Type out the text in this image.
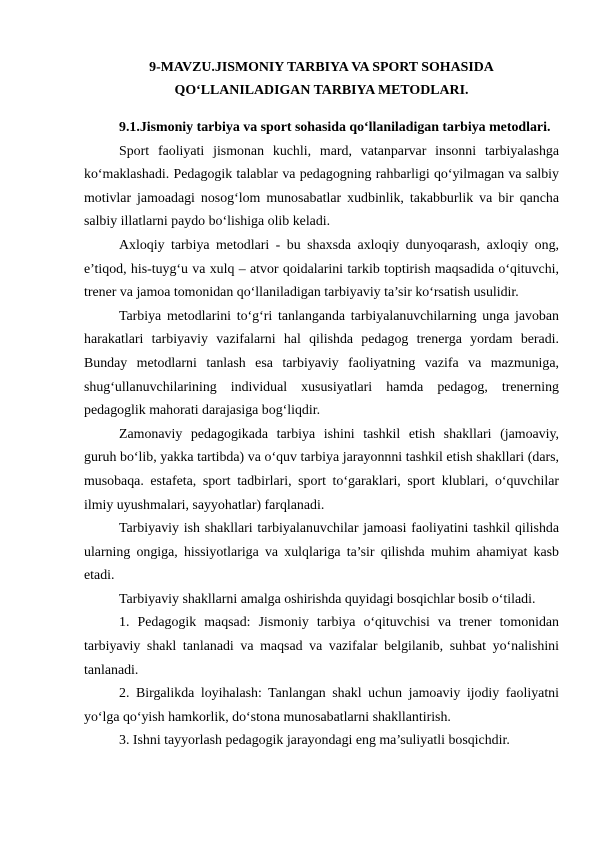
9-MAVZU.JISMONIY TARBIYA VA SPORT SOHASIDA
QO‘LLANILADIGAN TARBIYA METODLARI.

9.1.Jismoniy tarbiya va sport sohasida qo‘llaniladigan tarbiya metodlari.

Sport faoliyati jismonan kuchli, mard, vatanparvar insonni tarbiyalashga ko‘maklashadi. Pedagogik talablar va pedagogning rahbarligi qo‘yilmagan va salbiy motivlar jamoadagi nosog‘lom munosabatlar xudbinlik, takabburlik va bir qancha salbiy illatlarni paydo bo‘lishiga olib keladi.

Axloqiy tarbiya metodlari - bu shaxsda axloqiy dunyoqarash, axloqiy ong, e’tiqod, his-tuyg‘u va xulq – atvor qoidalarini tarkib toptirish maqsadida o‘qituvchi, trener va jamoa tomonidan qo‘llaniladigan tarbiyaviy ta’sir ko‘rsatish usulidir.

Tarbiya metodlarini to‘g‘ri tanlanganda tarbiyalanuvchilarning unga javoban harakatlari tarbiyaviy vazifalarni hal qilishda pedagog trenerga yordam beradi. Bunday metodlarni tanlash esa tarbiyaviy faoliyatning vazifa va mazmuniga, shug‘ullanuvchilarining individual xususiyatlari hamda pedagog, trenerning pedagoglik mahorati darajasiga bog‘liqdir.

Zamonaviy pedagogikada tarbiya ishini tashkil etish shakllari (jamoaviy, guruh bo‘lib, yakka tartibda) va o‘quv tarbiya jarayonnni tashkil etish shakllari (dars, musobaqa. estafeta, sport tadbirlari, sport to‘garaklari, sport klublari, o‘quvchilar ilmiy uyushmalari, sayyohatlar) farqlanadi.

Tarbiyaviy ish shakllari tarbiyalanuvchilar jamoasi faoliyatini tashkil qilishda ularning ongiga, hissiyotlariga va xulqlariga ta’sir qilishda muhim ahamiyat kasb etadi.

Tarbiyaviy shakllarni amalga oshirishda quyidagi bosqichlar bosib o‘tiladi.

1. Pedagogik maqsad: Jismoniy tarbiya o‘qituvchisi va trener tomonidan tarbiyaviy shakl tanlanadi va maqsad va vazifalar belgilanib, suhbat yo‘nalishini tanlanadi.

2. Birgalikda loyihalash: Tanlangan shakl uchun jamoaviy ijodiy faoliyatni yo‘lga qo‘yish hamkorlik, do‘stona munosabatlarni shakllantirish.

3. Ishni tayyorlash pedagogik jarayondagi eng ma’suliyatli bosqichdir.
